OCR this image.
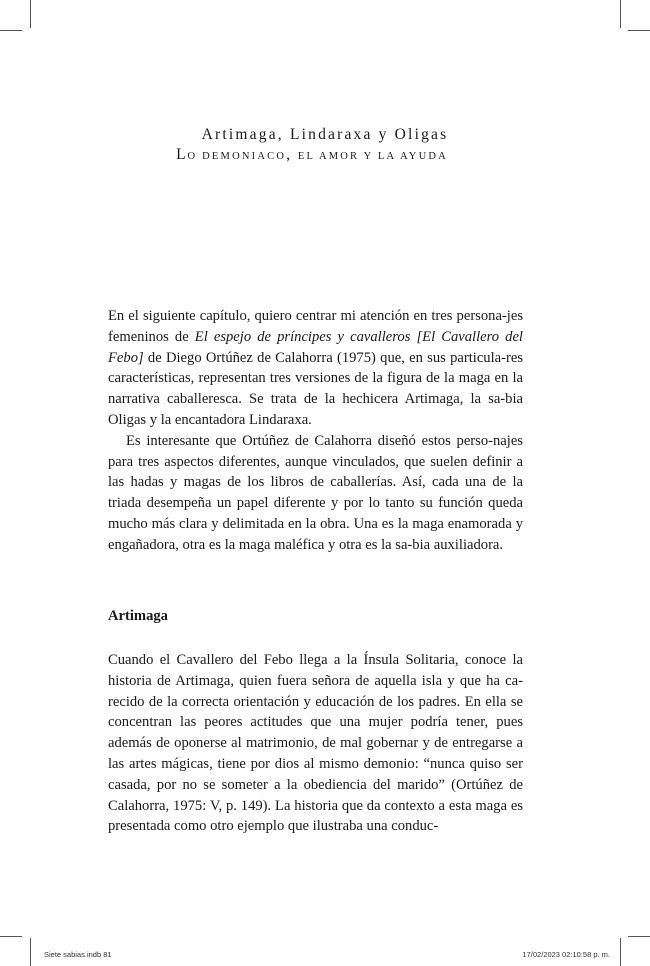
Artimaga, Lindaraxa y Oligas
LO DEMONIACO, EL AMOR Y LA AYUDA

En el siguiente capítulo, quiero centrar mi atención en tres persona-jes femeninos de El espejo de príncipes y cavalleros [El Cavallero del Febo] de Diego Ortúñez de Calahorra (1975) que, en sus particula-res características, representan tres versiones de la figura de la maga en la narrativa caballeresca. Se trata de la hechicera Artimaga, la sa-bia Oligas y la encantadora Lindaraxa.

Es interesante que Ortúñez de Calahorra diseñó estos perso-najes para tres aspectos diferentes, aunque vinculados, que suelen definir a las hadas y magas de los libros de caballerías. Así, cada una de la triada desempeña un papel diferente y por lo tanto su función queda mucho más clara y delimitada en la obra. Una es la maga enamorada y engañadora, otra es la maga maléfica y otra es la sa-bia auxiliadora.

Artimaga

Cuando el Cavallero del Febo llega a la Ínsula Solitaria, conoce la historia de Artimaga, quien fuera señora de aquella isla y que ha ca-recido de la correcta orientación y educación de los padres. En ella se concentran las peores actitudes que una mujer podría tener, pues además de oponerse al matrimonio, de mal gobernar y de entregarse a las artes mágicas, tiene por dios al mismo demonio: “nunca quiso ser casada, por no se someter a la obediencia del marido” (Ortúñez de Calahorra, 1975: V, p. 149). La historia que da contexto a esta maga es presentada como otro ejemplo que ilustraba una conduc-

Siete sabias.indb 81	17/02/2023 02:10:58 p. m.
